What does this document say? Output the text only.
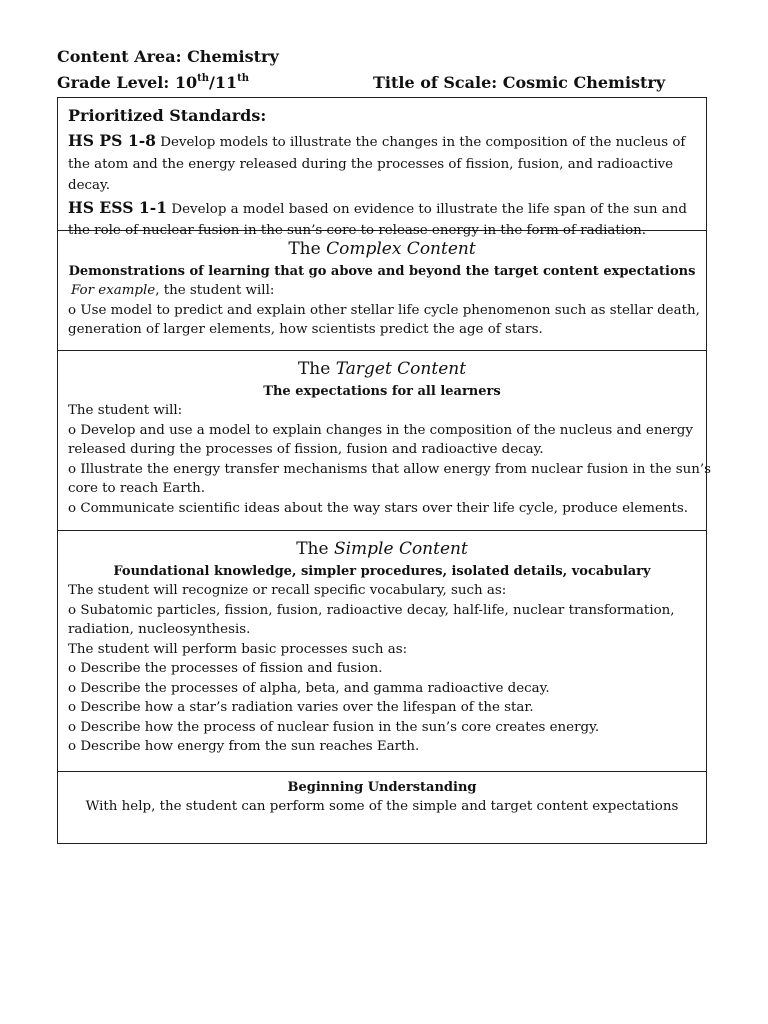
Content Area: Chemistry
Grade Level: 10th/11th	Title of Scale: Cosmic Chemistry
Prioritized Standards:
HS PS 1-8 Develop models to illustrate the changes in the composition of the nucleus of the atom and the energy released during the processes of fission, fusion, and radioactive decay.
HS ESS 1-1 Develop a model based on evidence to illustrate the life span of the sun and the role of nuclear fusion in the sun’s core to release energy in the form of radiation.
The Complex Content
Demonstrations of learning that go above and beyond the target content expectations
For example, the student will:
o Use model to predict and explain other stellar life cycle phenomenon such as stellar death,
generation of larger elements, how scientists predict the age of stars.
The Target Content
The expectations for all learners
The student will:
o Develop and use a model to explain changes in the composition of the nucleus and energy
released during the processes of fission, fusion and radioactive decay.
o Illustrate the energy transfer mechanisms that allow energy from nuclear fusion in the sun’s
core to reach Earth.
o Communicate scientific ideas about the way stars over their life cycle, produce elements.
The Simple Content
Foundational knowledge, simpler procedures, isolated details, vocabulary
The student will recognize or recall specific vocabulary, such as:
o Subatomic particles, fission, fusion, radioactive decay, half-life, nuclear transformation,
radiation, nucleosynthesis.
The student will perform basic processes such as:
o Describe the processes of fission and fusion.
o Describe the processes of alpha, beta, and gamma radioactive decay.
o Describe how a star’s radiation varies over the lifespan of the star.
o Describe how the process of nuclear fusion in the sun’s core creates energy.
o Describe how energy from the sun reaches Earth.
Beginning Understanding
With help, the student can perform some of the simple and target content expectations
